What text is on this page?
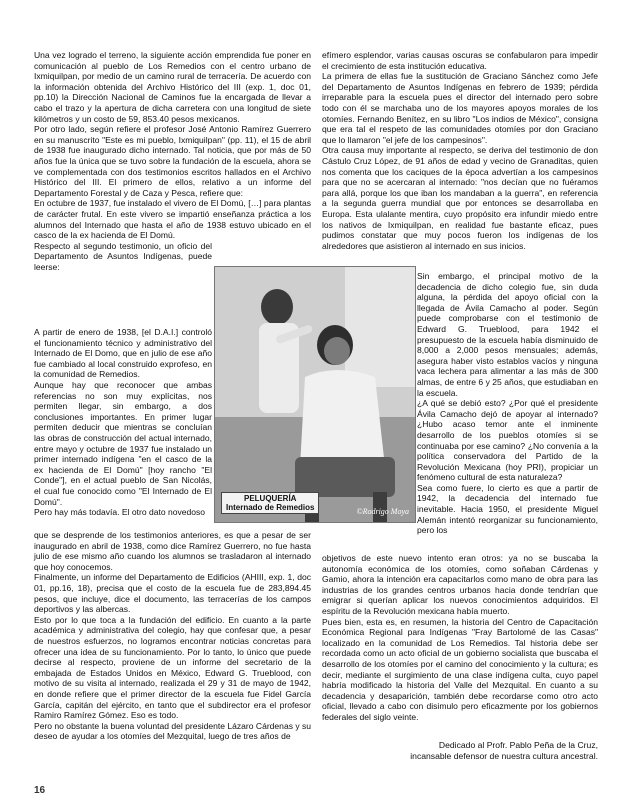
Una vez logrado el terreno, la siguiente acción emprendida fue poner en comunicación al pueblo de Los Remedios con el centro urbano de Ixmiquilpan, por medio de un camino rural de terracería. De acuerdo con la información obtenida del Archivo Histórico del III (exp. 1, doc 01, pp.10) la Dirección Nacional de Caminos fue la encargada de llevar a cabo el trazo y la apertura de dicha carretera con una longitud de siete kilómetros y un costo de 59, 853.40 pesos mexicanos.

Por otro lado, según refiere el profesor José Antonio Ramírez Guerrero en su manuscrito "Este es mi pueblo, Ixmiquilpan" (pp. 11), el 15 de abril de 1938 fue inaugurado dicho internado. Tal noticia, que por más de 50 años fue la única que se tuvo sobre la fundación de la escuela, ahora se ve complementada con dos testimonios escritos hallados en el Archivo Histórico del III. El primero de ellos, relativo a un informe del Departamento Forestal y de Caza y Pesca, refiere que:

En octubre de 1937, fue instalado el vivero de El Domú, […] para plantas de carácter frutal. En este vivero se impartió enseñanza práctica a los alumnos del Internado que hasta el año de 1938 estuvo ubicado en el casco de la ex hacienda de El Domú.

Respecto al segundo testimonio, un oficio del Departamento de Asuntos Indígenas, puede leerse:

A partir de enero de 1938, [el D.A.I.] controló el funcionamiento técnico y administrativo del Internado de El Domo, que en julio de ese año fue cambiado al local construido exprofeso, en la comunidad de Remedios.

Aunque hay que reconocer que ambas referencias no son muy explícitas, nos permiten llegar, sin embargo, a dos conclusiones importantes. En primer lugar permiten deducir que mientras se concluían las obras de construcción del actual internado, entre mayo y octubre de 1937 fue instalado un primer internado indígena "en el casco de la ex hacienda de El Domú" [hoy rancho "El Conde"], en el actual pueblo de San Nicolás, el cual fue conocido como "El Internado de El Domú".

Pero hay más todavía. El otro dato novedoso

que se desprende de los testimonios anteriores, es que a pesar de ser inaugurado en abril de 1938, como dice Ramírez Guerrero, no fue hasta julio de ese mismo año cuando los alumnos se trasladaron al internado que hoy conocemos.

Finalmente, un informe del Departamento de Edificios (AHIII, exp. 1, doc 01, pp.16, 18), precisa que el costo de la escuela fue de 283,894.45 pesos, que incluye, dice el documento, las terracerías de los campos deportivos y las albercas.

Esto por lo que toca a la fundación del edificio. En cuanto a la parte académica y administrativa del colegio, hay que confesar que, a pesar de nuestros esfuerzos, no logramos encontrar noticias concretas para ofrecer una idea de su funcionamiento. Por lo tanto, lo único que puede decirse al respecto, proviene de un informe del secretario de la embajada de Estados Unidos en México, Edward G. Trueblood, con motivo de su visita al internado, realizada el 29 y 31 de mayo de 1942, en donde refiere que el primer director de la escuela fue Fidel García García, capitán del ejército, en tanto que el subdirector era el profesor Ramiro Ramírez Gómez. Eso es todo.

Pero no obstante la buena voluntad del presidente Lázaro Cárdenas y su deseo de ayudar a los otomíes del Mezquital, luego de tres años de

efímero esplendor, varias causas oscuras se confabularon para impedir el crecimiento de esta institución educativa.

La primera de ellas fue la sustitución de Graciano Sánchez como Jefe del Departamento de Asuntos Indígenas en febrero de 1939; pérdida irreparable para la escuela pues el director del internado pero sobre todo con él se marchaba uno de los mayores apoyos morales de los otomíes. Fernando Benítez, en su libro "Los indios de México", consigna que era tal el respeto de las comunidades otomíes por don Graciano que lo llamaron "el jefe de los campesinos".

Otra causa muy importante al respecto, se deriva del testimonio de don Cástulo Cruz López, de 91 años de edad y vecino de Granaditas, quien nos comenta que los caciques de la época advertían a los campesinos para que no se acercaran al internado: "nos decían que no fuéramos para allá, porque los que iban los mandaban a la guerra", en referencia a la segunda guerra mundial que por entonces se desarrollaba en Europa. Esta ulalante mentira, cuyo propósito era infundir miedo entre los nativos de Ixmiquilpan, en realidad fue bastante eficaz, pues pudimos constatar que muy pocos fueron los indígenas de los alrededores que asistieron al internado en sus inicios.

Sin embargo, el principal motivo de la decadencia de dicho colegio fue, sin duda alguna, la pérdida del apoyo oficial con la llegada de Ávila Camacho al poder. Según puede comprobarse con el testimonio de Edward G. Trueblood, para 1942 el presupuesto de la escuela había disminuido de 8,000 a 2,000 pesos mensuales; además, asegura haber visto establos vacíos y ninguna vaca lechera para alimentar a las más de 300 almas, de entre 6 y 25 años, que estudiaban en la escuela.

¿A qué se debió esto? ¿Por qué el presidente Ávila Camacho dejó de apoyar al internado? ¿Hubo acaso temor ante el inminente desarrollo de los pueblos otomíes si se continuaba por ese camino? ¿No convenía a la política conservadora del Partido de la Revolución Mexicana (hoy PRI), propiciar un fenómeno cultural de esta naturaleza?

Sea como fuere, lo cierto es que a partir de 1942, la decadencia del internado fue inevitable. Hacia 1950, el presidente Miguel Alemán intentó reorganizar su funcionamiento, pero los

objetivos de este nuevo intento eran otros: ya no se buscaba la autonomía económica de los otomíes, como soñaban Cárdenas y Gamio, ahora la intención era capacitarlos como mano de obra para las industrias de los grandes centros urbanos hacia donde tendrían que emigrar si querían aplicar los nuevos conocimientos adquiridos. El espíritu de la Revolución mexicana había muerto.

Pues bien, esta es, en resumen, la historia del Centro de Capacitación Económica Regional para Indígenas "Fray Bartolomé de las Casas" localizado en la comunidad de Los Remedios. Tal historia debe ser recordada como un acto oficial de un gobierno socialista que buscaba el desarrollo de los otomíes por el camino del conocimiento y la cultura; es decir, mediante el surgimiento de una clase indígena culta, cuyo papel habría modificado la historia del Valle del Mezquital. En cuanto a su decadencia y desaparición, también debe recordarse como otro acto oficial, llevado a cabo con disimulo pero eficazmente por los gobiernos federales del siglo veinte.

PELUQUERÍA
Internado de Remedios	©Rodrigo Moya
Dedicado al Profr. Pablo Peña de la Cruz,
incansable defensor de nuestra cultura ancestral.
16
